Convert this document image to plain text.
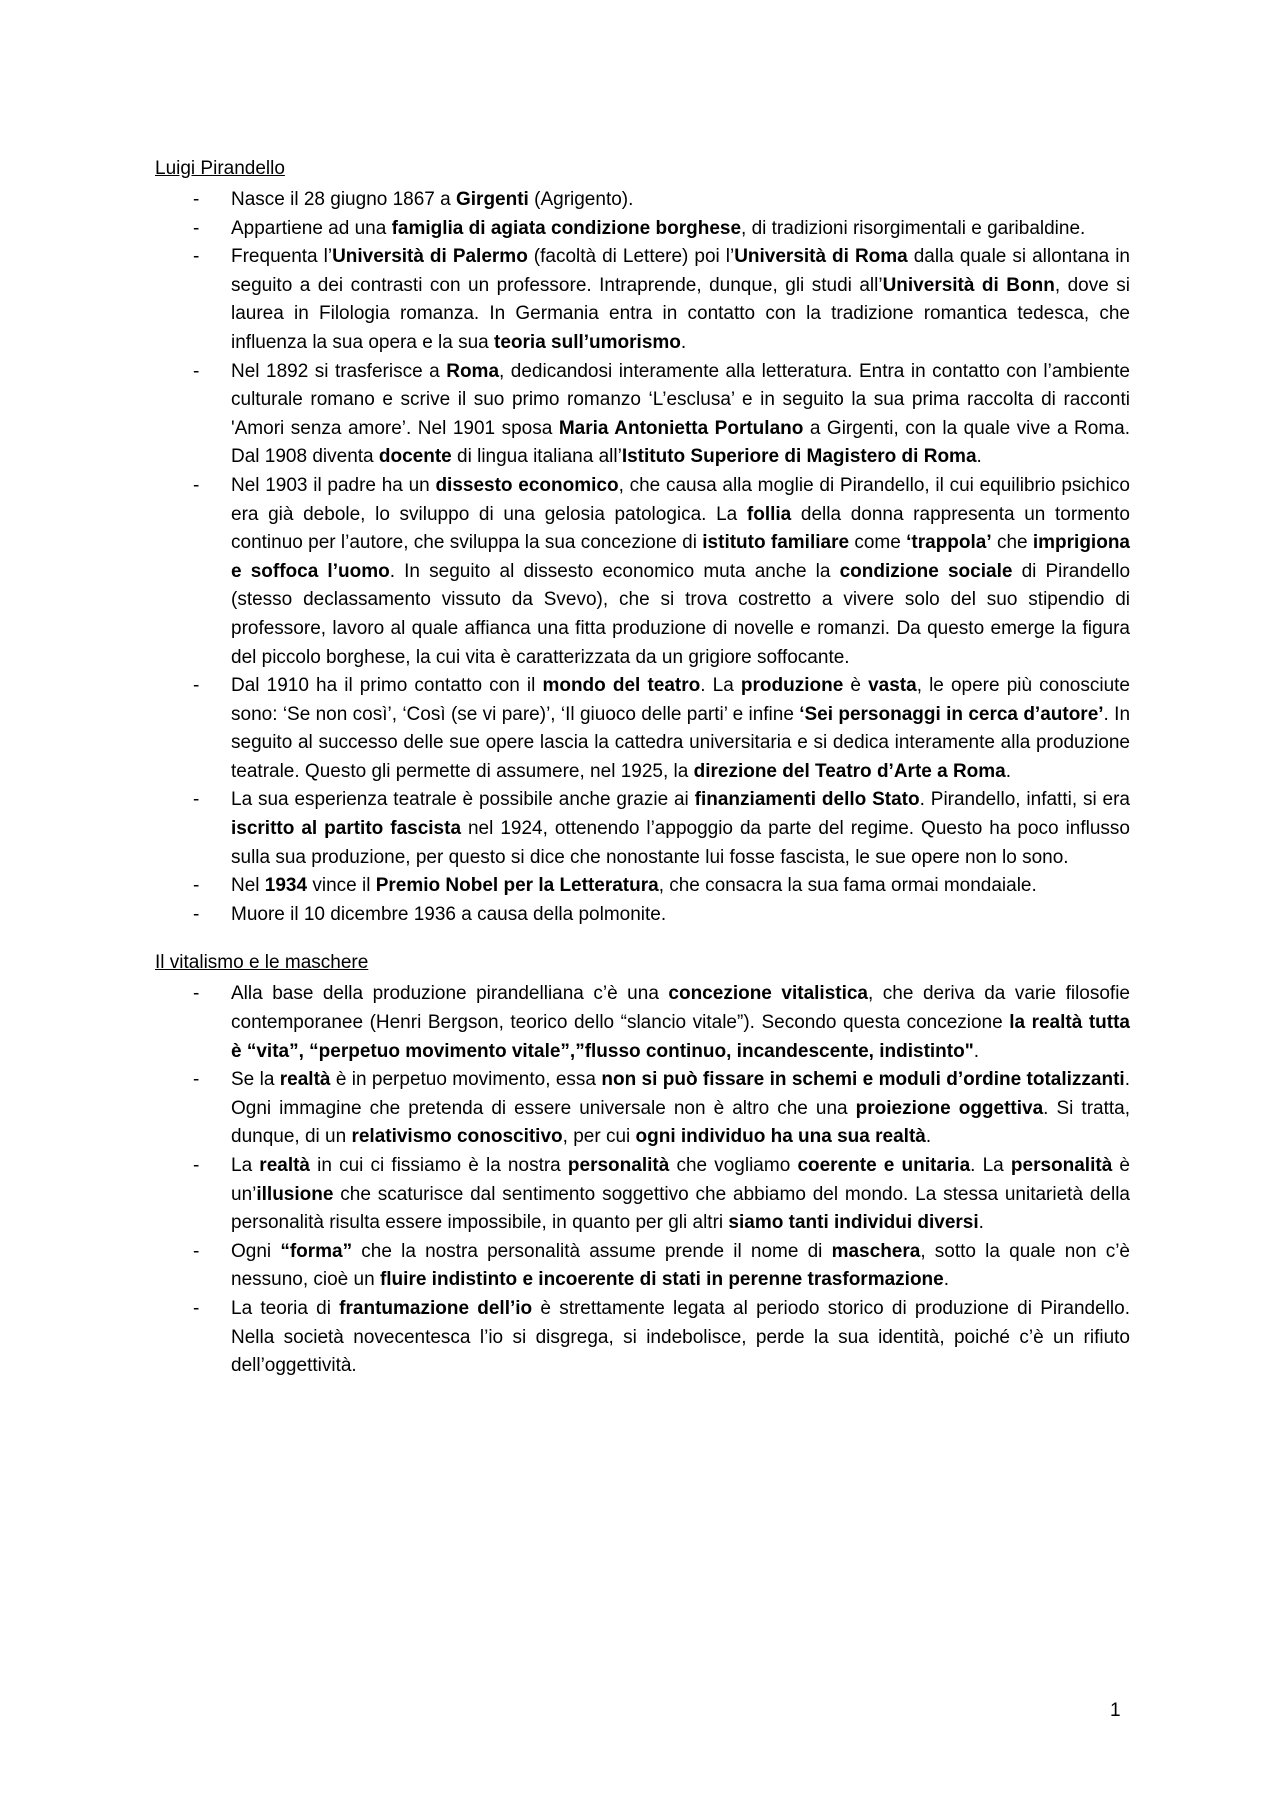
Luigi Pirandello
- Nasce il 28 giugno 1867 a Girgenti (Agrigento).
- Appartiene ad una famiglia di agiata condizione borghese, di tradizioni risorgimentali e garibaldine.
- Frequenta l’Università di Palermo (facoltà di Lettere) poi l’Università di Roma dalla quale si allontana in seguito a dei contrasti con un professore. Intraprende, dunque, gli studi all’Università di Bonn, dove si laurea in Filologia romanza. In Germania entra in contatto con la tradizione romantica tedesca, che influenza la sua opera e la sua teoria sull’umorismo.
- Nel 1892 si trasferisce a Roma, dedicandosi interamente alla letteratura. Entra in contatto con l’ambiente culturale romano e scrive il suo primo romanzo ‘L’esclusa’ e in seguito la sua prima raccolta di racconti 'Amori senza amore’. Nel 1901 sposa Maria Antonietta Portulano a Girgenti, con la quale vive a Roma. Dal 1908 diventa docente di lingua italiana all’Istituto Superiore di Magistero di Roma.
- Nel 1903 il padre ha un dissesto economico, che causa alla moglie di Pirandello, il cui equilibrio psichico era già debole, lo sviluppo di una gelosia patologica. La follia della donna rappresenta un tormento continuo per l’autore, che sviluppa la sua concezione di istituto familiare come ‘trappola’ che imprigiona e soffoca l’uomo. In seguito al dissesto economico muta anche la condizione sociale di Pirandello (stesso declassamento vissuto da Svevo), che si trova costretto a vivere solo del suo stipendio di professore, lavoro al quale affianca una fitta produzione di novelle e romanzi. Da questo emerge la figura del piccolo borghese, la cui vita è caratterizzata da un grigiore soffocante.
- Dal 1910 ha il primo contatto con il mondo del teatro. La produzione è vasta, le opere più conosciute sono: ‘Se non così’, ‘Così (se vi pare)’, ‘Il giuoco delle parti’ e infine ‘Sei personaggi in cerca d’autore’. In seguito al successo delle sue opere lascia la cattedra universitaria e si dedica interamente alla produzione teatrale. Questo gli permette di assumere, nel 1925, la direzione del Teatro d’Arte a Roma.
- La sua esperienza teatrale è possibile anche grazie ai finanziamenti dello Stato. Pirandello, infatti, si era iscritto al partito fascista nel 1924, ottenendo l’appoggio da parte del regime. Questo ha poco influsso sulla sua produzione, per questo si dice che nonostante lui fosse fascista, le sue opere non lo sono.
- Nel 1934 vince il Premio Nobel per la Letteratura, che consacra la sua fama ormai mondaiale.
- Muore il 10 dicembre 1936 a causa della polmonite.
Il vitalismo e le maschere
- Alla base della produzione pirandelliana c’è una concezione vitalistica, che deriva da varie filosofie contemporanee (Henri Bergson, teorico dello “slancio vitale”). Secondo questa concezione la realtà tutta è “vita”, “perpetuo movimento vitale”,”flusso continuo, incandescente, indistinto".
- Se la realtà è in perpetuo movimento, essa non si può fissare in schemi e moduli d’ordine totalizzanti. Ogni immagine che pretenda di essere universale non è altro che una proiezione oggettiva. Si tratta, dunque, di un relativismo conoscitivo, per cui ogni individuo ha una sua realtà.
- La realtà in cui ci fissiamo è la nostra personalità che vogliamo coerente e unitaria. La personalità è un’illusione che scaturisce dal sentimento soggettivo che abbiamo del mondo. La stessa unitarietà della personalità risulta essere impossibile, in quanto per gli altri siamo tanti individui diversi.
- Ogni “forma” che la nostra personalità assume prende il nome di maschera, sotto la quale non c’è nessuno, cioè un fluire indistinto e incoerente di stati in perenne trasformazione.
- La teoria di frantumazione dell’io è strettamente legata al periodo storico di produzione di Pirandello. Nella società novecentesca l’io si disgrega, si indebolisce, perde la sua identità, poiché c’è un rifiuto dell’oggettività.
1
